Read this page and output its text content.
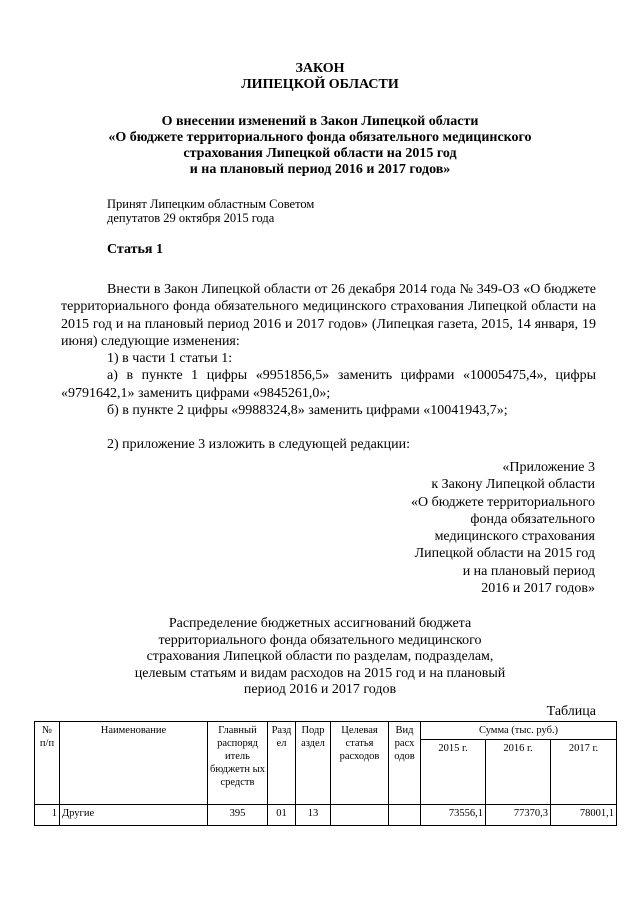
ЗАКОН
ЛИПЕЦКОЙ ОБЛАСТИ
О внесении изменений в Закон Липецкой области
«О бюджете территориального фонда обязательного медицинского
страхования Липецкой области на 2015 год
и на плановый период 2016 и 2017 годов»
Принят Липецким областным Советом
депутатов 29 октября 2015 года
Статья 1

Внести в Закон Липецкой области от 26 декабря 2014 года № 349-ОЗ «О бюджете территориального фонда обязательного медицинского страхования Липецкой области на 2015 год и на плановый период 2016 и 2017 годов» (Липецкая газета, 2015, 14 января, 19 июня) следующие изменения:

1) в части 1 статьи 1:

а) в пункте 1 цифры «9951856,5» заменить цифрами «10005475,4», цифры «9791642,1» заменить цифрами «9845261,0»;

б) в пункте 2 цифры «9988324,8» заменить цифрами «10041943,7»;

2) приложение 3 изложить в следующей редакции:

«Приложение 3
к Закону Липецкой области
«О бюджете территориального
фонда обязательного
медицинского страхования
Липецкой области на 2015 год
и на плановый период
2016 и 2017 годов»
Распределение бюджетных ассигнований бюджета
территориального фонда обязательного медицинского
страхования Липецкой области по разделам, подразделам,
целевым статьям и видам расходов на 2015 год и на плановый
период 2016 и 2017 годов
Таблица
№ п/п	Наименование	Главный распоряд итель бюджетн ых средств	Разд ел	Подр аздел	Целевая статья расходов	Вид расх одов	Сумма (тыс. руб.)		
							2015 г.	2016 г.	2017 г.
1	Другие	395	01	13			73556,1	77370,3	78001,1
